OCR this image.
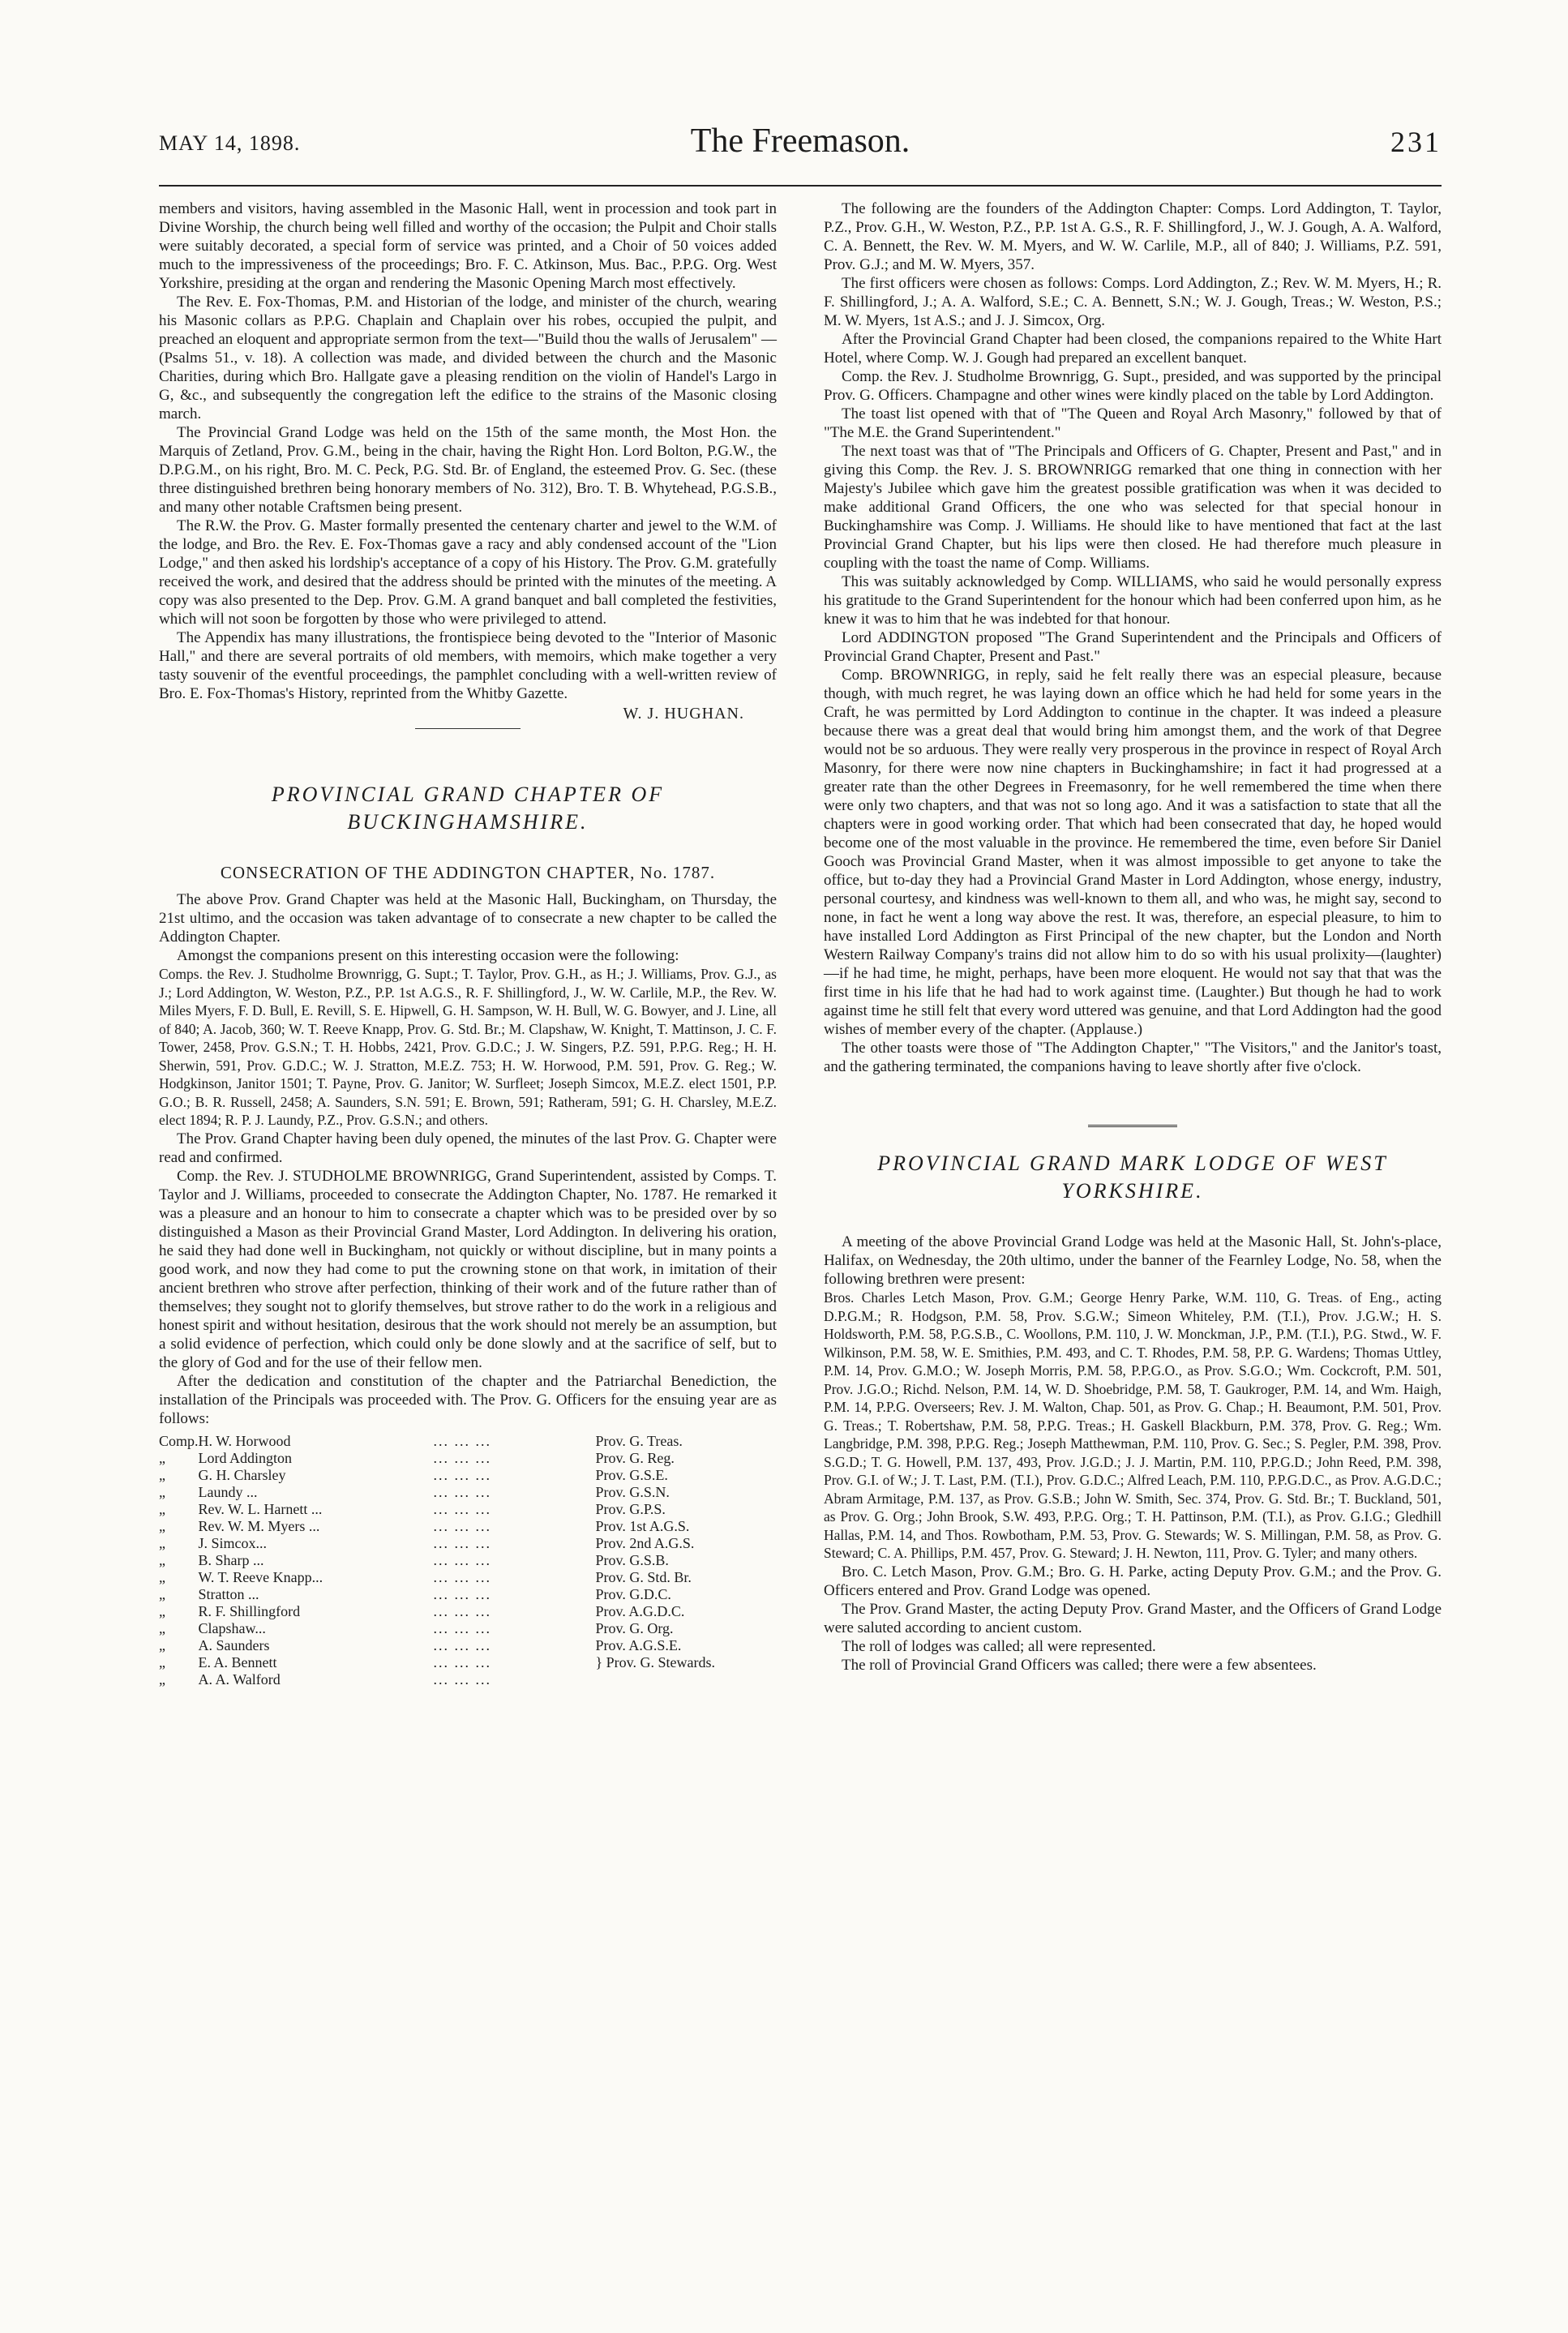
MAY 14, 1898.	The Freemason.	231

members and visitors, having assembled in the Masonic Hall, went in procession and took part in Divine Worship, the church being well filled and worthy of the occasion; the Pulpit and Choir stalls were suitably decorated, a special form of service was printed, and a Choir of 50 voices added much to the impressiveness of the proceedings; Bro. F. C. Atkinson, Mus. Bac., P.P.G. Org. West Yorkshire, presiding at the organ and rendering the Masonic Opening March most effectively.

The Rev. E. Fox-Thomas, P.M. and Historian of the lodge, and minister of the church, wearing his Masonic collars as P.P.G. Chaplain and Chaplain over his robes, occupied the pulpit, and preached an eloquent and appropriate sermon from the text—"Build thou the walls of Jerusalem" —(Psalms 51., v. 18). A collection was made, and divided between the church and the Masonic Charities, during which Bro. Hallgate gave a pleasing rendition on the violin of Handel's Largo in G, &c., and subsequently the congregation left the edifice to the strains of the Masonic closing march.

The Provincial Grand Lodge was held on the 15th of the same month, the Most Hon. the Marquis of Zetland, Prov. G.M., being in the chair, having the Right Hon. Lord Bolton, P.G.W., the D.P.G.M., on his right, Bro. M. C. Peck, P.G. Std. Br. of England, the esteemed Prov. G. Sec. (these three distinguished brethren being honorary members of No. 312), Bro. T. B. Whytehead, P.G.S.B., and many other notable Craftsmen being present.

The R.W. the Prov. G. Master formally presented the centenary charter and jewel to the W.M. of the lodge, and Bro. the Rev. E. Fox-Thomas gave a racy and ably condensed account of the "Lion Lodge," and then asked his lordship's acceptance of a copy of his History. The Prov. G.M. gratefully received the work, and desired that the address should be printed with the minutes of the meeting. A copy was also presented to the Dep. Prov. G.M. A grand banquet and ball completed the festivities, which will not soon be forgotten by those who were privileged to attend.

The Appendix has many illustrations, the frontispiece being devoted to the "Interior of Masonic Hall," and there are several portraits of old members, with memoirs, which make together a very tasty souvenir of the eventful proceedings, the pamphlet concluding with a well-written review of Bro. E. Fox-Thomas's History, reprinted from the Whitby Gazette.

W. J. HUGHAN.
PROVINCIAL GRAND CHAPTER OF
BUCKINGHAMSHIRE.
CONSECRATION OF THE ADDINGTON CHAPTER, No. 1787.

The above Prov. Grand Chapter was held at the Masonic Hall, Buckingham, on Thursday, the 21st ultimo, and the occasion was taken advantage of to consecrate a new chapter to be called the Addington Chapter.

Amongst the companions present on this interesting occasion were the following:

Comps. the Rev. J. Studholme Brownrigg, G. Supt.; T. Taylor, Prov. G.H., as H.; J. Williams, Prov. G.J., as J.; Lord Addington, W. Weston, P.Z., P.P. 1st A.G.S., R. F. Shillingford, J., W. W. Carlile, M.P., the Rev. W. Miles Myers, F. D. Bull, E. Revill, S. E. Hipwell, G. H. Sampson, W. H. Bull, W. G. Bowyer, and J. Line, all of 840; A. Jacob, 360; W. T. Reeve Knapp, Prov. G. Std. Br.; M. Clapshaw, W. Knight, T. Mattinson, J. C. F. Tower, 2458, Prov. G.S.N.; T. H. Hobbs, 2421, Prov. G.D.C.; J. W. Singers, P.Z. 591, P.P.G. Reg.; H. H. Sherwin, 591, Prov. G.D.C.; W. J. Stratton, M.E.Z. 753; H. W. Horwood, P.M. 591, Prov. G. Reg.; W. Hodgkinson, Janitor 1501; T. Payne, Prov. G. Janitor; W. Surfleet; Joseph Simcox, M.E.Z. elect 1501, P.P. G.O.; B. R. Russell, 2458; A. Saunders, S.N. 591; E. Brown, 591; Ratheram, 591; G. H. Charsley, M.E.Z. elect 1894; R. P. J. Laundy, P.Z., Prov. G.S.N.; and others.

The Prov. Grand Chapter having been duly opened, the minutes of the last Prov. G. Chapter were read and confirmed.

Comp. the Rev. J. STUDHOLME BROWNRIGG, Grand Superintendent, assisted by Comps. T. Taylor and J. Williams, proceeded to consecrate the Addington Chapter, No. 1787. He remarked it was a pleasure and an honour to him to consecrate a chapter which was to be presided over by so distinguished a Mason as their Provincial Grand Master, Lord Addington. In delivering his oration, he said they had done well in Buckingham, not quickly or without discipline, but in many points a good work, and now they had come to put the crowning stone on that work, in imitation of their ancient brethren who strove after perfection, thinking of their work and of the future rather than of themselves; they sought not to glorify themselves, but strove rather to do the work in a religious and honest spirit and without hesitation, desirous that the work should not merely be an assumption, but a solid evidence of perfection, which could only be done slowly and at the sacrifice of self, but to the glory of God and for the use of their fellow men.

After the dedication and constitution of the chapter and the Patriarchal Benediction, the installation of the Principals was proceeded with. The Prov. G. Officers for the ensuing year are as follows:

Comp.	H. W. Horwood	... ... ...	Prov. G. Treas.
„	Lord Addington	... ... ...	Prov. G. Reg.
„	G. H. Charsley	... ... ...	Prov. G.S.E.
„	Laundy ...	... ... ...	Prov. G.S.N.
„	Rev. W. L. Harnett ...	... ... ...	Prov. G.P.S.
„	Rev. W. M. Myers ...	... ... ...	Prov. 1st A.G.S.
„	J. Simcox...	... ... ...	Prov. 2nd A.G.S.
„	B. Sharp ...	... ... ...	Prov. G.S.B.
„	W. T. Reeve Knapp...	... ... ...	Prov. G. Std. Br.
„	Stratton ...	... ... ...	Prov. G.D.C.
„	R. F. Shillingford	... ... ...	Prov. A.G.D.C.
„	Clapshaw...	... ... ...	Prov. G. Org.
„	A. Saunders	... ... ...	Prov. A.G.S.E.
„	E. A. Bennett	... ... ...	} Prov. G. Stewards.
„	A. A. Walford	... ... ...	

The following are the founders of the Addington Chapter: Comps. Lord Addington, T. Taylor, P.Z., Prov. G.H., W. Weston, P.Z., P.P. 1st A. G.S., R. F. Shillingford, J., W. J. Gough, A. A. Walford, C. A. Bennett, the Rev. W. M. Myers, and W. W. Carlile, M.P., all of 840; J. Williams, P.Z. 591, Prov. G.J.; and M. W. Myers, 357.

The first officers were chosen as follows: Comps. Lord Addington, Z.; Rev. W. M. Myers, H.; R. F. Shillingford, J.; A. A. Walford, S.E.; C. A. Bennett, S.N.; W. J. Gough, Treas.; W. Weston, P.S.; M. W. Myers, 1st A.S.; and J. J. Simcox, Org.

After the Provincial Grand Chapter had been closed, the companions repaired to the White Hart Hotel, where Comp. W. J. Gough had prepared an excellent banquet.

Comp. the Rev. J. Studholme Brownrigg, G. Supt., presided, and was supported by the principal Prov. G. Officers. Champagne and other wines were kindly placed on the table by Lord Addington.

The toast list opened with that of "The Queen and Royal Arch Masonry," followed by that of "The M.E. the Grand Superintendent."

The next toast was that of "The Principals and Officers of G. Chapter, Present and Past," and in giving this Comp. the Rev. J. S. BROWNRIGG remarked that one thing in connection with her Majesty's Jubilee which gave him the greatest possible gratification was when it was decided to make additional Grand Officers, the one who was selected for that special honour in Buckinghamshire was Comp. J. Williams. He should like to have mentioned that fact at the last Provincial Grand Chapter, but his lips were then closed. He had therefore much pleasure in coupling with the toast the name of Comp. Williams.

This was suitably acknowledged by Comp. WILLIAMS, who said he would personally express his gratitude to the Grand Superintendent for the honour which had been conferred upon him, as he knew it was to him that he was indebted for that honour.

Lord ADDINGTON proposed "The Grand Superintendent and the Principals and Officers of Provincial Grand Chapter, Present and Past."

Comp. BROWNRIGG, in reply, said he felt really there was an especial pleasure, because though, with much regret, he was laying down an office which he had held for some years in the Craft, he was permitted by Lord Addington to continue in the chapter. It was indeed a pleasure because there was a great deal that would bring him amongst them, and the work of that Degree would not be so arduous. They were really very prosperous in the province in respect of Royal Arch Masonry, for there were now nine chapters in Buckinghamshire; in fact it had progressed at a greater rate than the other Degrees in Freemasonry, for he well remembered the time when there were only two chapters, and that was not so long ago. And it was a satisfaction to state that all the chapters were in good working order. That which had been consecrated that day, he hoped would become one of the most valuable in the province. He remembered the time, even before Sir Daniel Gooch was Provincial Grand Master, when it was almost impossible to get anyone to take the office, but to-day they had a Provincial Grand Master in Lord Addington, whose energy, industry, personal courtesy, and kindness was well-known to them all, and who was, he might say, second to none, in fact he went a long way above the rest. It was, therefore, an especial pleasure, to him to have installed Lord Addington as First Principal of the new chapter, but the London and North Western Railway Company's trains did not allow him to do so with his usual prolixity—(laughter)—if he had time, he might, perhaps, have been more eloquent. He would not say that that was the first time in his life that he had had to work against time. (Laughter.) But though he had to work against time he still felt that every word uttered was genuine, and that Lord Addington had the good wishes of member every of the chapter. (Applause.)

The other toasts were those of "The Addington Chapter," "The Visitors," and the Janitor's toast, and the gathering terminated, the companions having to leave shortly after five o'clock.

PROVINCIAL GRAND MARK LODGE OF WEST
YORKSHIRE.

A meeting of the above Provincial Grand Lodge was held at the Masonic Hall, St. John's-place, Halifax, on Wednesday, the 20th ultimo, under the banner of the Fearnley Lodge, No. 58, when the following brethren were present:

Bros. Charles Letch Mason, Prov. G.M.; George Henry Parke, W.M. 110, G. Treas. of Eng., acting D.P.G.M.; R. Hodgson, P.M. 58, Prov. S.G.W.; Simeon Whiteley, P.M. (T.I.), Prov. J.G.W.; H. S. Holdsworth, P.M. 58, P.G.S.B., C. Woollons, P.M. 110, J. W. Monckman, J.P., P.M. (T.I.), P.G. Stwd., W. F. Wilkinson, P.M. 58, W. E. Smithies, P.M. 493, and C. T. Rhodes, P.M. 58, P.P. G. Wardens; Thomas Uttley, P.M. 14, Prov. G.M.O.; W. Joseph Morris, P.M. 58, P.P.G.O., as Prov. S.G.O.; Wm. Cockcroft, P.M. 501, Prov. J.G.O.; Richd. Nelson, P.M. 14, W. D. Shoebridge, P.M. 58, T. Gaukroger, P.M. 14, and Wm. Haigh, P.M. 14, P.P.G. Overseers; Rev. J. M. Walton, Chap. 501, as Prov. G. Chap.; H. Beaumont, P.M. 501, Prov. G. Treas.; T. Robertshaw, P.M. 58, P.P.G. Treas.; H. Gaskell Blackburn, P.M. 378, Prov. G. Reg.; Wm. Langbridge, P.M. 398, P.P.G. Reg.; Joseph Matthewman, P.M. 110, Prov. G. Sec.; S. Pegler, P.M. 398, Prov. S.G.D.; T. G. Howell, P.M. 137, 493, Prov. J.G.D.; J. J. Martin, P.M. 110, P.P.G.D.; John Reed, P.M. 398, Prov. G.I. of W.; J. T. Last, P.M. (T.I.), Prov. G.D.C.; Alfred Leach, P.M. 110, P.P.G.D.C., as Prov. A.G.D.C.; Abram Armitage, P.M. 137, as Prov. G.S.B.; John W. Smith, Sec. 374, Prov. G. Std. Br.; T. Buckland, 501, as Prov. G. Org.; John Brook, S.W. 493, P.P.G. Org.; T. H. Pattinson, P.M. (T.I.), as Prov. G.I.G.; Gledhill Hallas, P.M. 14, and Thos. Rowbotham, P.M. 53, Prov. G. Stewards; W. S. Millingan, P.M. 58, as Prov. G. Steward; C. A. Phillips, P.M. 457, Prov. G. Steward; J. H. Newton, 111, Prov. G. Tyler; and many others.

Bro. C. Letch Mason, Prov. G.M.; Bro. G. H. Parke, acting Deputy Prov. G.M.; and the Prov. G. Officers entered and Prov. Grand Lodge was opened.

The Prov. Grand Master, the acting Deputy Prov. Grand Master, and the Officers of Grand Lodge were saluted according to ancient custom.

The roll of lodges was called; all were represented.

The roll of Provincial Grand Officers was called; there were a few absentees.
